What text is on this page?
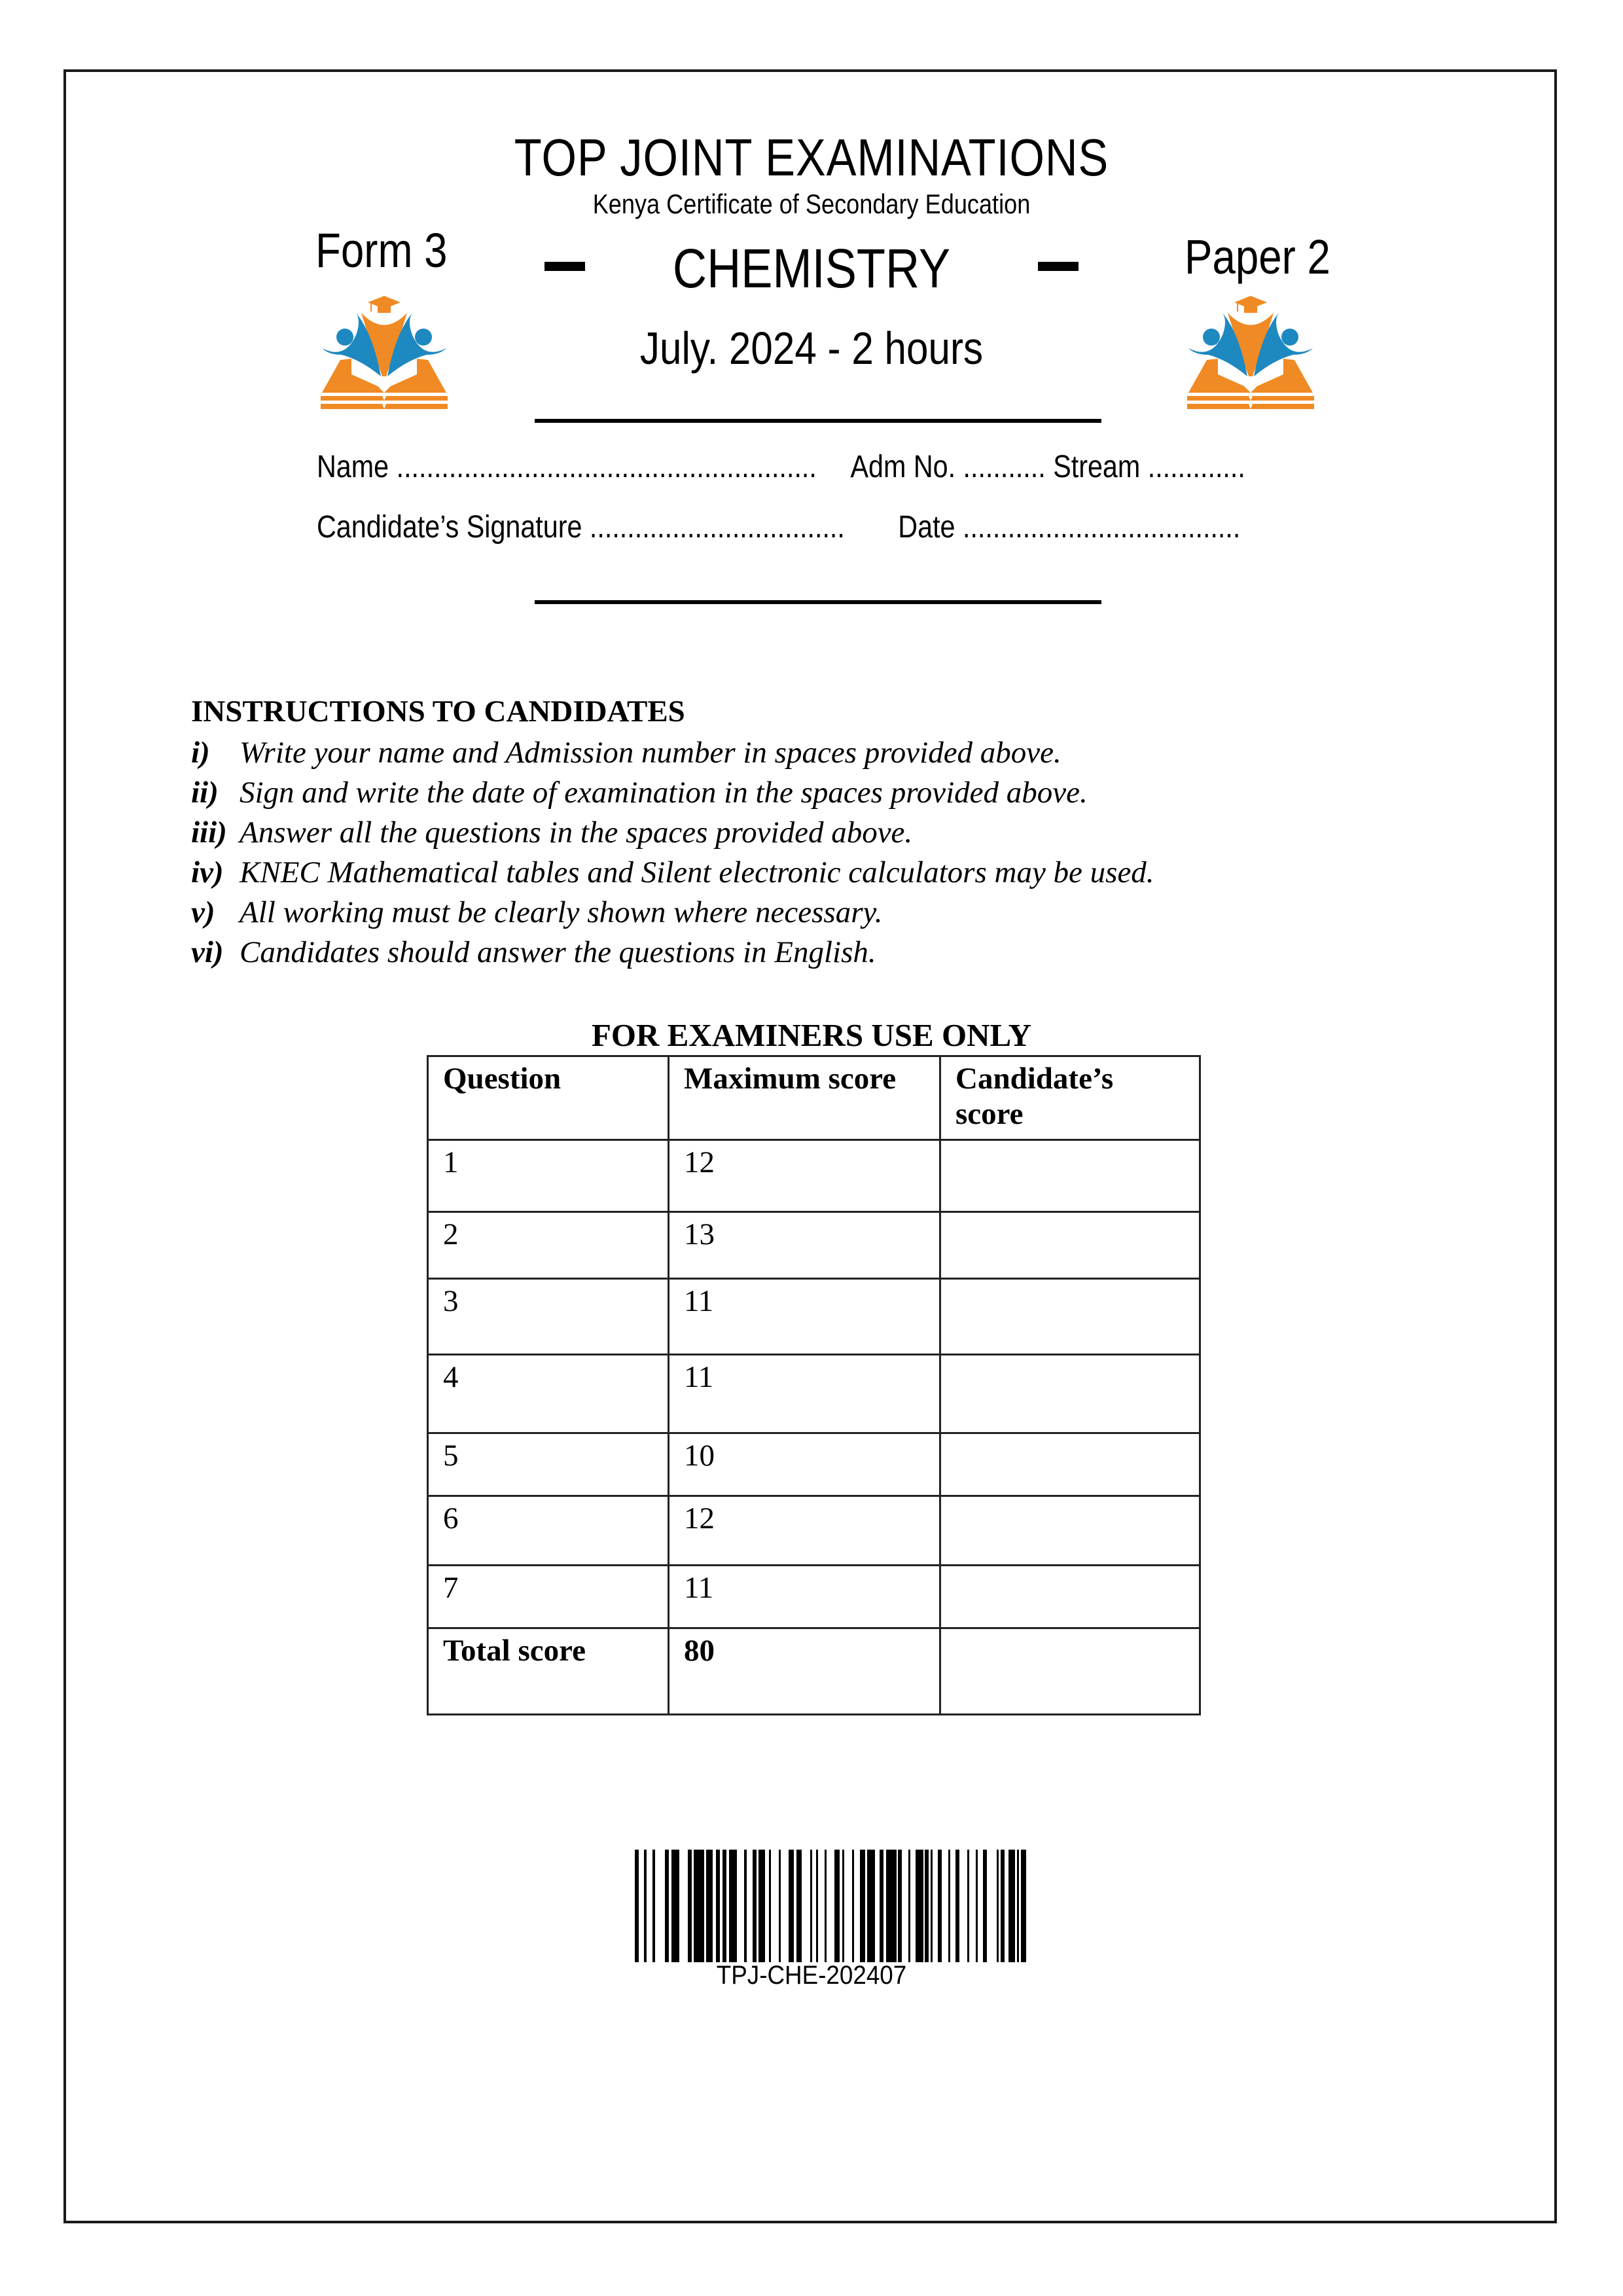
TOP JOINT EXAMINATIONS
Kenya Certificate of Secondary Education
Form 3	Paper 2
CHEMISTRY
July. 2024 - 2 hours
Name ........................................................ Adm No. ........... Stream .............
Candidate’s Signature .................................. Date .....................................
INSTRUCTIONS TO CANDIDATES
i) Write your name and Admission number in spaces provided above.
ii) Sign and write the date of examination in the spaces provided above.
iii) Answer all the questions in the spaces provided above.
iv) KNEC Mathematical tables and Silent electronic calculators may be used.
v) All working must be clearly shown where necessary.
vi) Candidates should answer the questions in English.
FOR EXAMINERS USE ONLY
Question	Maximum score	Candidate’s score
1	12	
2	13	
3	11	
4	11	
5	10	
6	12	
7	11	
Total score	80	
TPJ-CHE-202407
